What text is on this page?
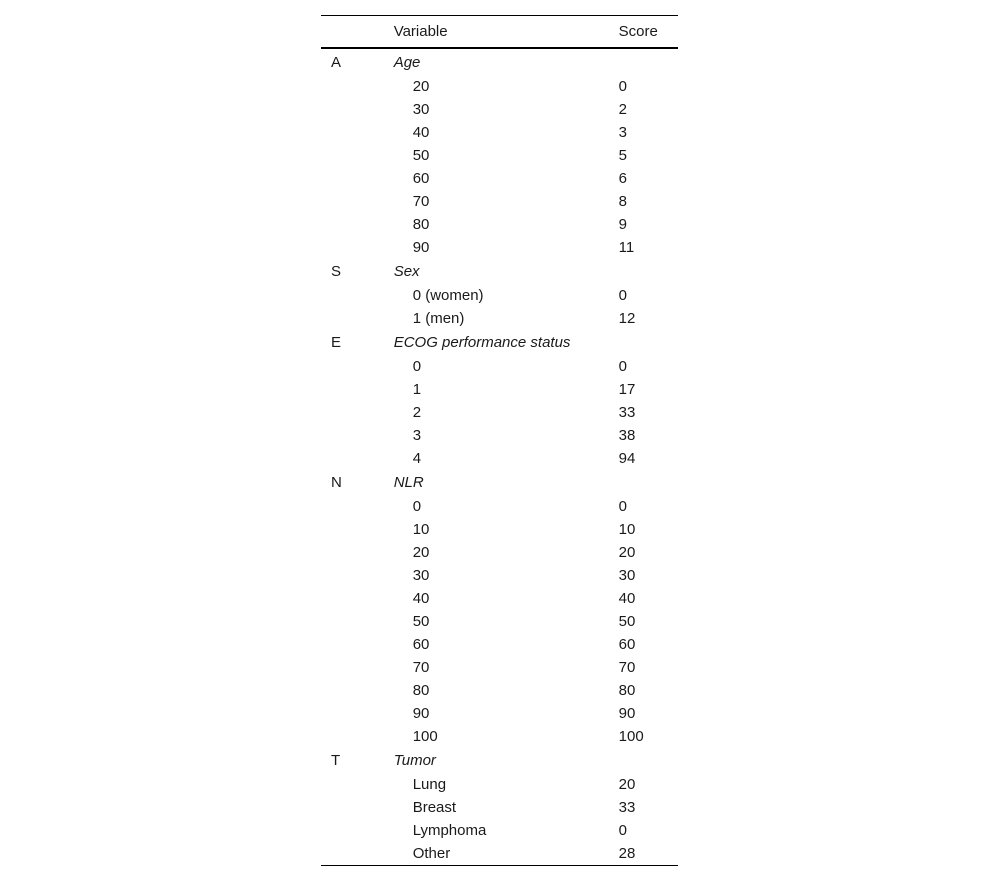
	Variable	Score
A	Age	
	20	0
	30	2
	40	3
	50	5
	60	6
	70	8
	80	9
	90	11
S	Sex	
	0 (women)	0
	1 (men)	12
E	ECOG performance status	
	0	0
	1	17
	2	33
	3	38
	4	94
N	NLR	
	0	0
	10	10
	20	20
	30	30
	40	40
	50	50
	60	60
	70	70
	80	80
	90	90
	100	100
T	Tumor	
	Lung	20
	Breast	33
	Lymphoma	0
	Other	28
